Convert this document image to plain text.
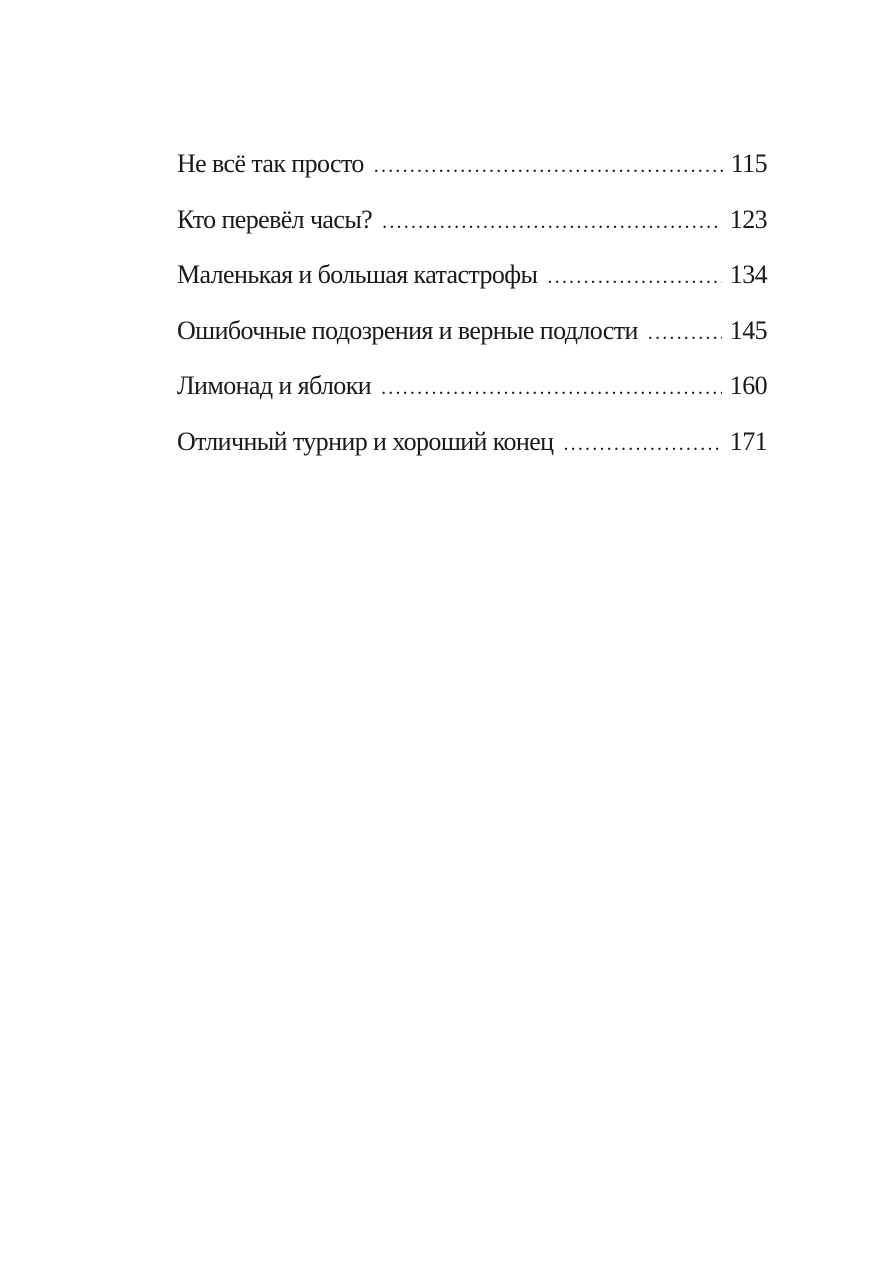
Не всё так просто . . .	115
Кто перевёл часы? . . .	123
Маленькая и большая катастрофы . . .	134
Ошибочные подозрения и верные подлости . . .	145
Лимонад и яблоки . . .	160
Отличный турнир и хороший конец . . .	171
